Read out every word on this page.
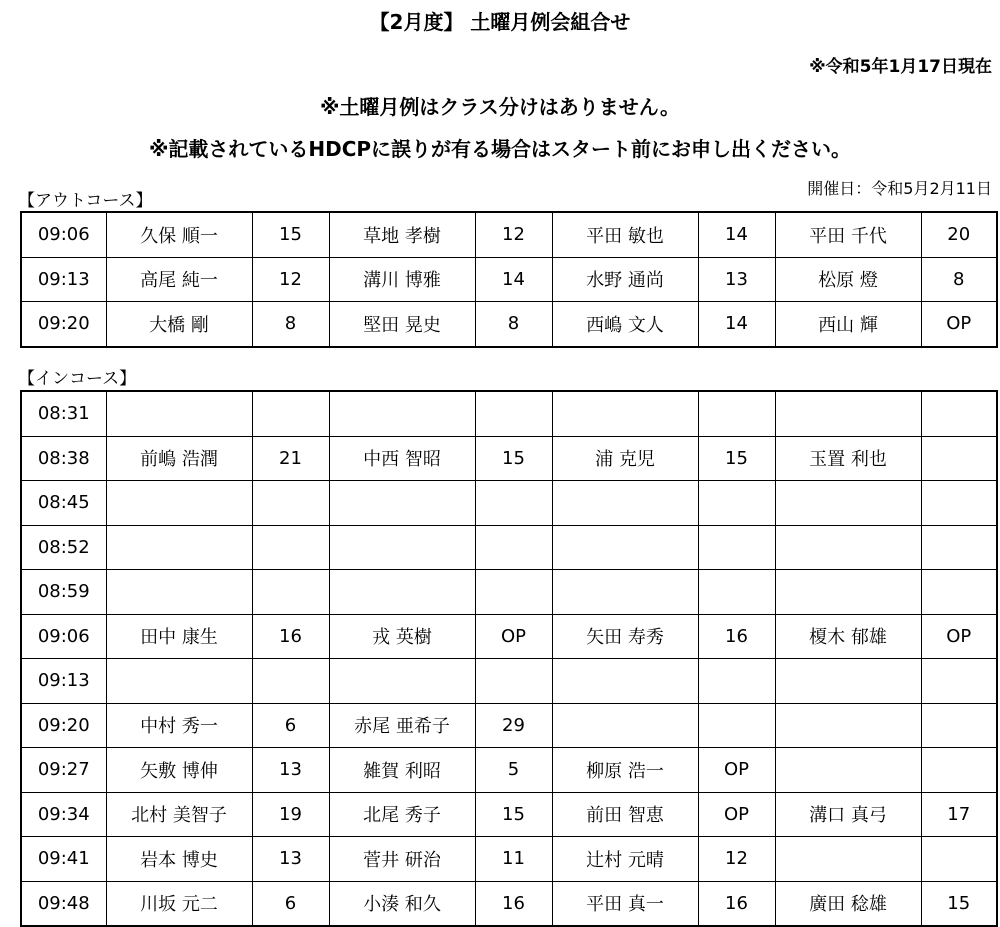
【2月度】 土曜月例会組合せ
※令和5年1月17日現在
※土曜月例はクラス分けはありません。
※記載されているHDCPに誤りが有る場合はスタート前にお申し出ください。
【アウトコース】
開催日：令和5月2月11日
09:06	久保 順一	15	草地 孝樹	12	平田 敏也	14	平田 千代	20
09:13	高尾 純一	12	溝川 博雅	14	水野 通尚	13	松原 燈	8
09:20	大橋 剛	8	堅田 晃史	8	西嶋 文人	14	西山 輝	OP
【インコース】
08:31								
08:38	前嶋 浩潤	21	中西 智昭	15	浦 克児	15	玉置 利也	
08:45								
08:52								
08:59								
09:06	田中 康生	16	戎 英樹	OP	矢田 寿秀	16	榎木 郁雄	OP
09:13								
09:20	中村 秀一	6	赤尾 亜希子	29				
09:27	矢敷 博伸	13	雑賀 利昭	5	柳原 浩一	OP		
09:34	北村 美智子	19	北尾 秀子	15	前田 智恵	OP	溝口 真弓	17
09:41	岩本 博史	13	菅井 研治	11	辻村 元晴	12		
09:48	川坂 元二	6	小湊 和久	16	平田 真一	16	廣田 稔雄	15
